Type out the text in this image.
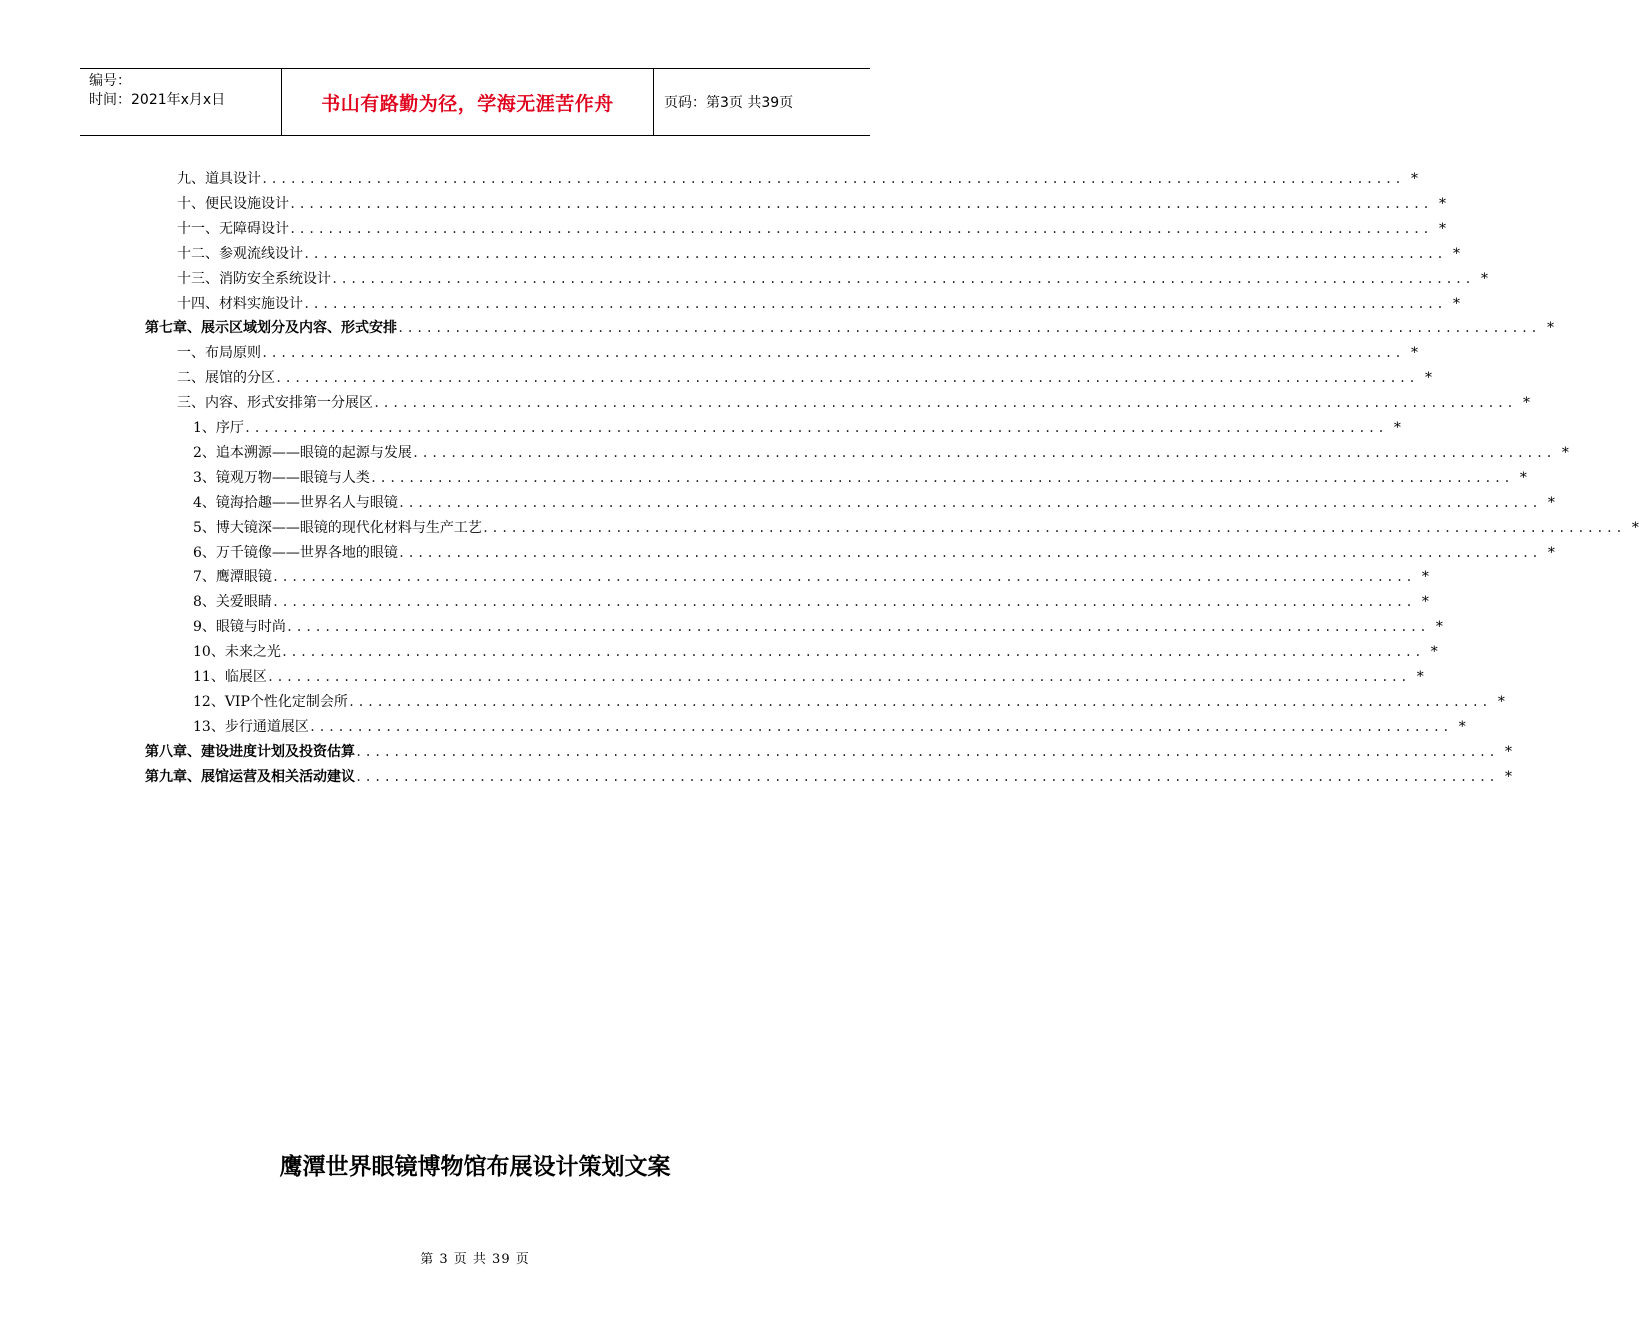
编号：
时间：2021年x月x日	书山有路勤为径，学海无涯苦作舟	页码：第3页 共39页
九、道具设计 ........................................................................................................................ *
十、便民设施设计 ........................................................................................................................ *
十一、无障碍设计 ........................................................................................................................ *
十二、参观流线设计 ........................................................................................................................ *
十三、消防安全系统设计 ........................................................................................................................ *
十四、材料实施设计 ........................................................................................................................ *
第七章、展示区域划分及内容、形式安排 ........................................................................................................................ *
一、布局原则 ........................................................................................................................ *
二、展馆的分区 ........................................................................................................................ *
三、内容、形式安排第一分展区 ........................................................................................................................ *
1、序厅 ........................................................................................................................ *
2、追本溯源——眼镜的起源与发展 ........................................................................................................................ *
3、镜观万物——眼镜与人类 ........................................................................................................................ *
4、镜海拾趣——世界名人与眼镜 ........................................................................................................................ *
5、博大镜深——眼镜的现代化材料与生产工艺 ........................................................................................................................ *
6、万千镜像——世界各地的眼镜 ........................................................................................................................ *
7、鹰潭眼镜 ........................................................................................................................ *
8、关爱眼睛 ........................................................................................................................ *
9、眼镜与时尚 ........................................................................................................................ *
10、未来之光 ........................................................................................................................ *
11、临展区 ........................................................................................................................ *
12、VIP个性化定制会所 ........................................................................................................................ *
13、步行通道展区 ........................................................................................................................ *
第八章、建设进度计划及投资估算 ........................................................................................................................ *
第九章、展馆运营及相关活动建议 ........................................................................................................................ *
鹰潭世界眼镜博物馆布展设计策划文案
第 3 页 共 39 页
